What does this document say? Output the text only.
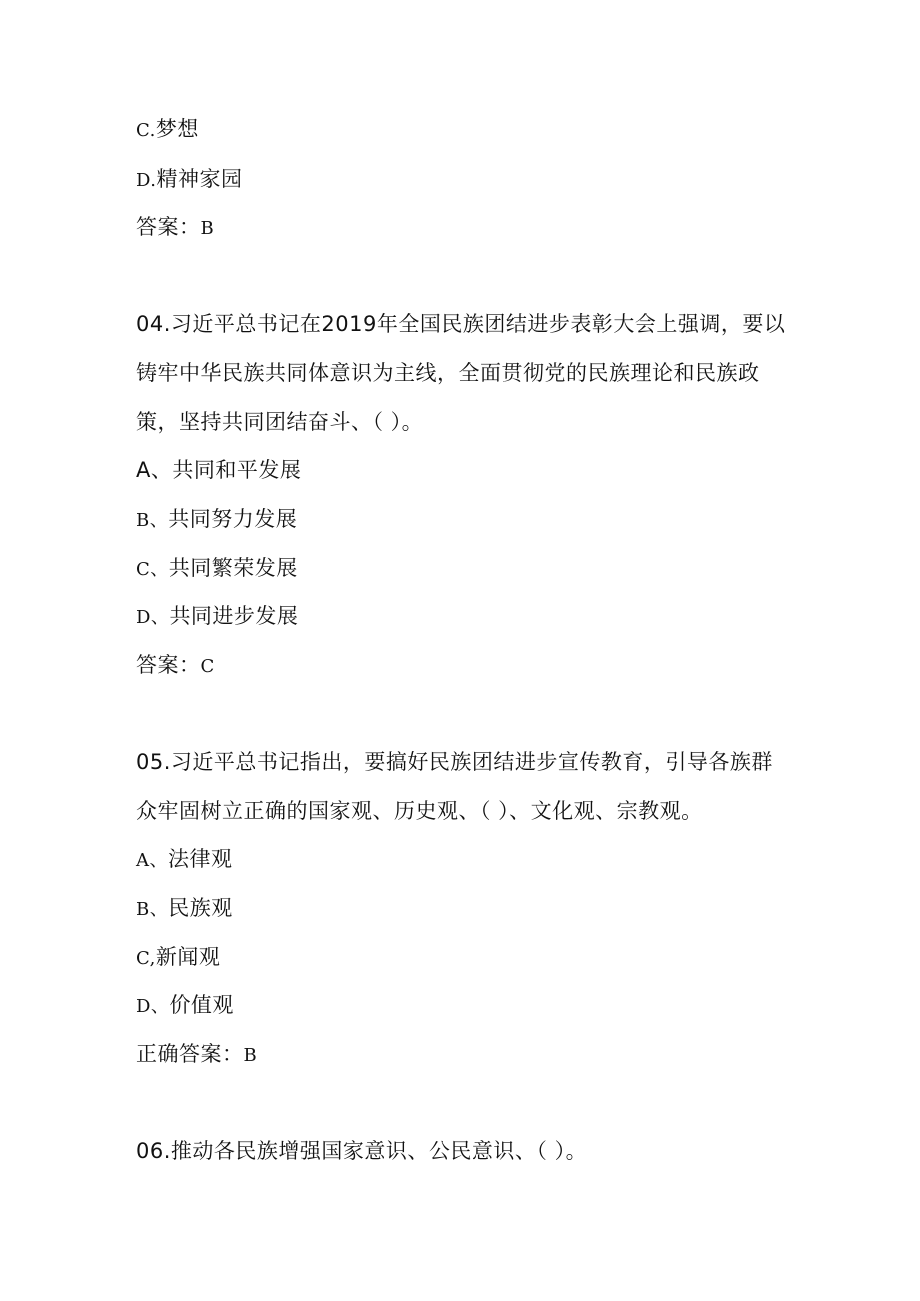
C.梦想
D.精神家园
答案：B
04.习近平总书记在2019年全国民族团结进步表彰大会上强调，要以
铸牢中华民族共同体意识为主线，全面贯彻党的民族理论和民族政
策，坚持共同团结奋斗、（ ）。
A、共同和平发展
B、共同努力发展
C、共同繁荣发展
D、共同进步发展
答案：C
05.习近平总书记指出，要搞好民族团结进步宣传教育，引导各族群
众牢固树立正确的国家观、历史观、（ ）、文化观、宗教观。
A、法律观
B、民族观
C,新闻观
D、价值观
正确答案：B
06.推动各民族增强国家意识、公民意识、（ ）。
